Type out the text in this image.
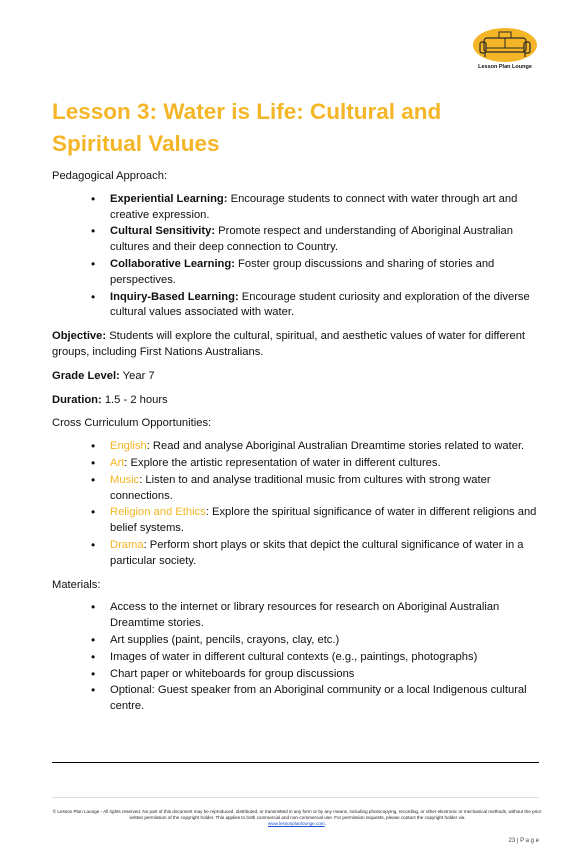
Lesson Plan Lounge
Lesson 3: Water is Life: Cultural and Spiritual Values

Pedagogical Approach:

• Experiential Learning: Encourage students to connect with water through art and creative expression.
• Cultural Sensitivity: Promote respect and understanding of Aboriginal Australian cultures and their deep connection to Country.
• Collaborative Learning: Foster group discussions and sharing of stories and perspectives.
• Inquiry-Based Learning: Encourage student curiosity and exploration of the diverse cultural values associated with water.

Objective: Students will explore the cultural, spiritual, and aesthetic values of water for different groups, including First Nations Australians.

Grade Level: Year 7

Duration: 1.5 - 2 hours

Cross Curriculum Opportunities:

• English: Read and analyse Aboriginal Australian Dreamtime stories related to water.
• Art: Explore the artistic representation of water in different cultures.
• Music: Listen to and analyse traditional music from cultures with strong water connections.
• Religion and Ethics: Explore the spiritual significance of water in different religions and belief systems.
• Drama: Perform short plays or skits that depict the cultural significance of water in a particular society.

Materials:

• Access to the internet or library resources for research on Aboriginal Australian Dreamtime stories.
• Art supplies (paint, pencils, crayons, clay, etc.)
• Images of water in different cultural contexts (e.g., paintings, photographs)
• Chart paper or whiteboards for group discussions
• Optional: Guest speaker from an Aboriginal community or a local Indigenous cultural centre.
© Lesson Plan Lounge - All rights reserved. No part of this document may be reproduced, distributed, or transmitted in any form or by any means, including photocopying, recording, or other electronic or mechanical methods, without the prior written permission of the copyright holder. This applies to both commercial and non-commercial use. For permission requests, please contact the copyright holder via
www.lessonplanlounge.com.
23 | P a g e
